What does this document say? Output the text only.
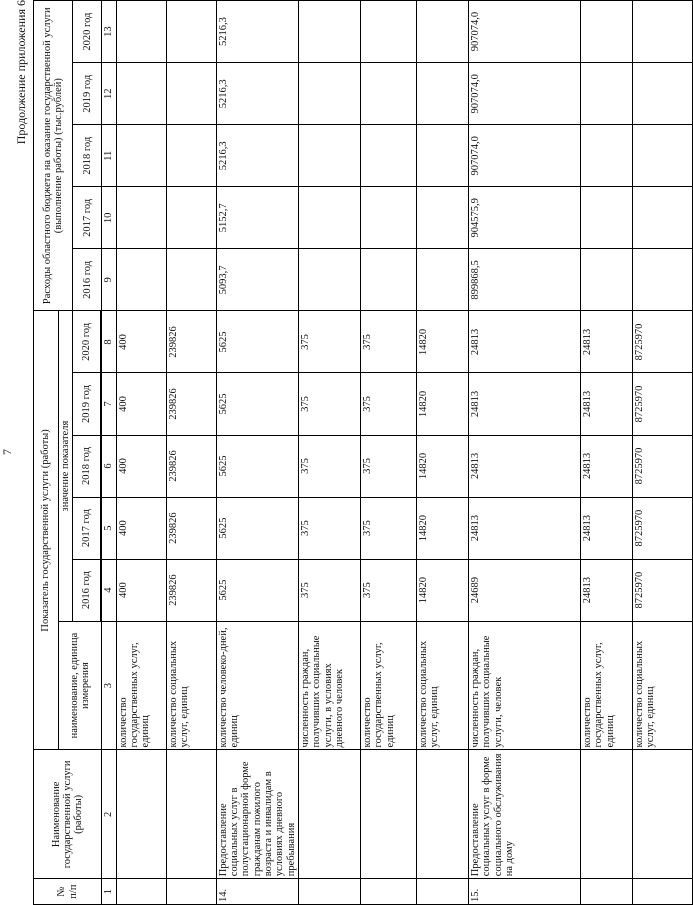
7
Продолжение приложения 6
№ п/п	Наименование государственной услуги (работы)	Показатель государственной услуги (работы)						Расходы областного бюджета на оказание государственной услуги (выполнение работы) (тыс.рублей)				
		наименование, единица измерения	значение показателя									
			2016 год	2017 год	2018 год	2019 год	2020 год	2016 год	2017 год	2018 год	2019 год	2020 год

1	2	3	4	5	6	7	8	9	10	11	12	13
		количество государственных услуг, единиц	400	400	400	400	400					
		количество социальных услуг, единиц	239826	239826	239826	239826	239826					
14.	Предоставление социальных услуг в полустационарной форме гражданам пожилого возраста и инвалидам в условиях дневного пребывания	количество человеко-дней, единиц	5625	5625	5625	5625	5625	5093,7	5152,7	5216,3	5216,3	5216,3
		численность граждан, получивших социальные услуги, в условиях дневного человек	375	375	375	375	375					
		количество государственных услуг, единиц	375	375	375	375	375					
		количество социальных услуг, единиц	14820	14820	14820	14820	14820					
15.	Предоставление социальных услуг в форме социального обслуживания на дому	численность граждан, получивших социальные услуги, человек	24689	24813	24813	24813	24813	899868,5	904575,9	907074,0	907074,0	907074,0
		количество государственных услуг, единиц	24813	24813	24813	24813	24813					
		количество социальных услуг, единиц	8725970	8725970	8725970	8725970	8725970					
